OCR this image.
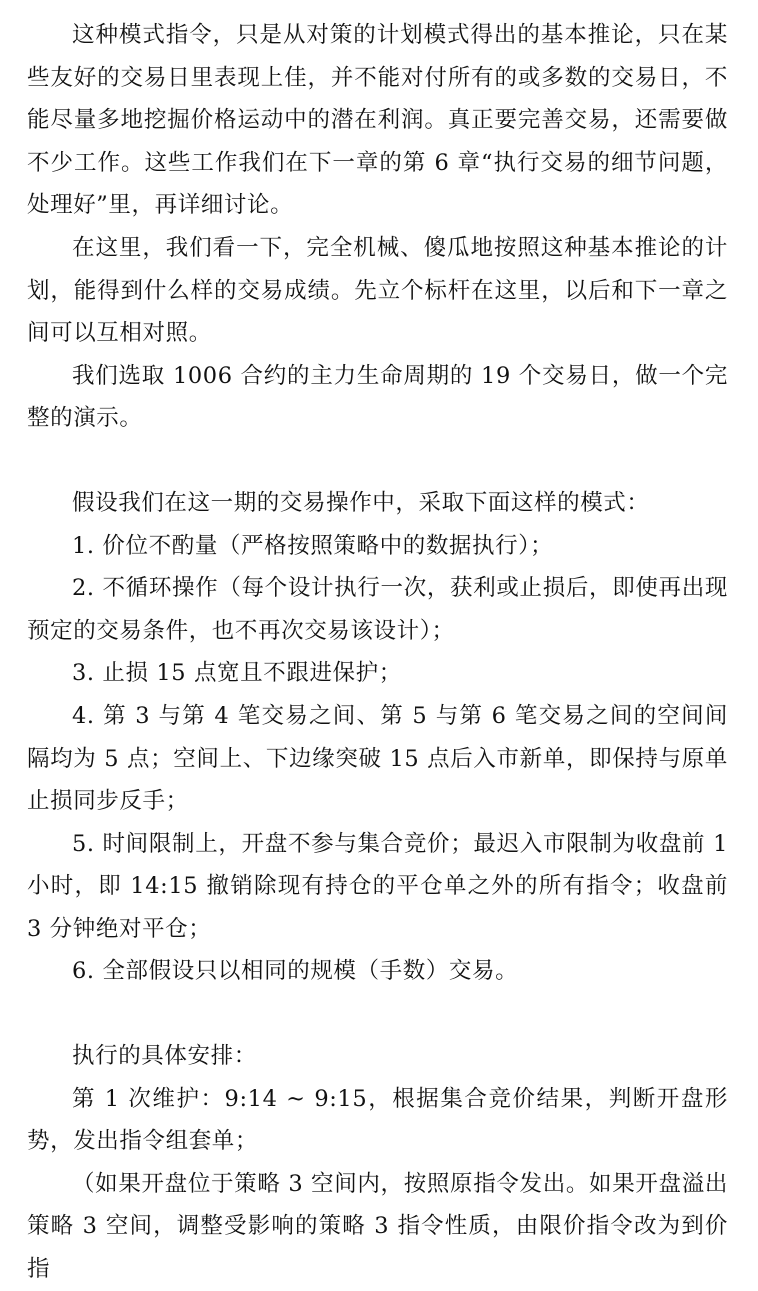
这种模式指令，只是从对策的计划模式得出的基本推论，只在某些友好的交易日里表现上佳，并不能对付所有的或多数的交易日，不能尽量多地挖掘价格运动中的潜在利润。真正要完善交易，还需要做不少工作。这些工作我们在下一章的第 6 章“执行交易的细节问题，处理好”里，再详细讨论。

在这里，我们看一下，完全机械、傻瓜地按照这种基本推论的计划，能得到什么样的交易成绩。先立个标杆在这里，以后和下一章之间可以互相对照。

我们选取 1006 合约的主力生命周期的 19 个交易日，做一个完整的演示。

假设我们在这一期的交易操作中，采取下面这样的模式：

1. 价位不酌量（严格按照策略中的数据执行）；

2. 不循环操作（每个设计执行一次，获利或止损后，即使再出现预定的交易条件，也不再次交易该设计）；

3. 止损 15 点宽且不跟进保护；

4. 第 3 与第 4 笔交易之间、第 5 与第 6 笔交易之间的空间间隔均为 5 点；空间上、下边缘突破 15 点后入市新单，即保持与原单止损同步反手；

5. 时间限制上，开盘不参与集合竞价；最迟入市限制为收盘前 1 小时，即 14:15 撤销除现有持仓的平仓单之外的所有指令；收盘前 3 分钟绝对平仓；

6. 全部假设只以相同的规模（手数）交易。

执行的具体安排：

第 1 次维护：9:14 ~ 9:15，根据集合竞价结果，判断开盘形势，发出指令组套单；

（如果开盘位于策略 3 空间内，按照原指令发出。如果开盘溢出策略 3 空间，调整受影响的策略 3 指令性质，由限价指令改为到价指
